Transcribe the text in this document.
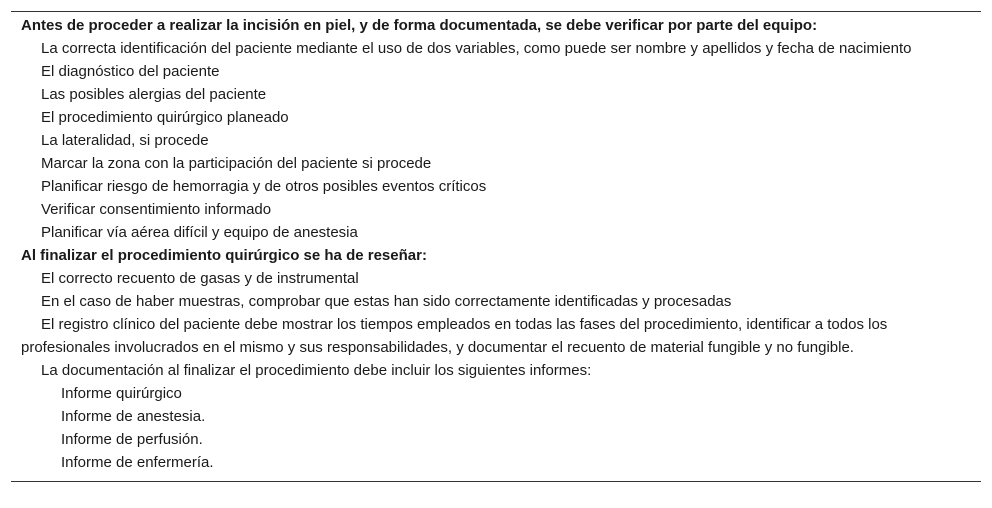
Antes de proceder a realizar la incisión en piel, y de forma documentada, se debe verificar por parte del equipo:
La correcta identificación del paciente mediante el uso de dos variables, como puede ser nombre y apellidos y fecha de nacimiento
El diagnóstico del paciente
Las posibles alergias del paciente
El procedimiento quirúrgico planeado
La lateralidad, si procede
Marcar la zona con la participación del paciente si procede
Planificar riesgo de hemorragia y de otros posibles eventos críticos
Verificar consentimiento informado
Planificar vía aérea difícil y equipo de anestesia
Al finalizar el procedimiento quirúrgico se ha de reseñar:
El correcto recuento de gasas y de instrumental
En el caso de haber muestras, comprobar que estas han sido correctamente identificadas y procesadas
El registro clínico del paciente debe mostrar los tiempos empleados en todas las fases del procedimiento, identificar a todos los profesionales involucrados en el mismo y sus responsabilidades, y documentar el recuento de material fungible y no fungible.
La documentación al finalizar el procedimiento debe incluir los siguientes informes:
Informe quirúrgico
Informe de anestesia.
Informe de perfusión.
Informe de enfermería.
